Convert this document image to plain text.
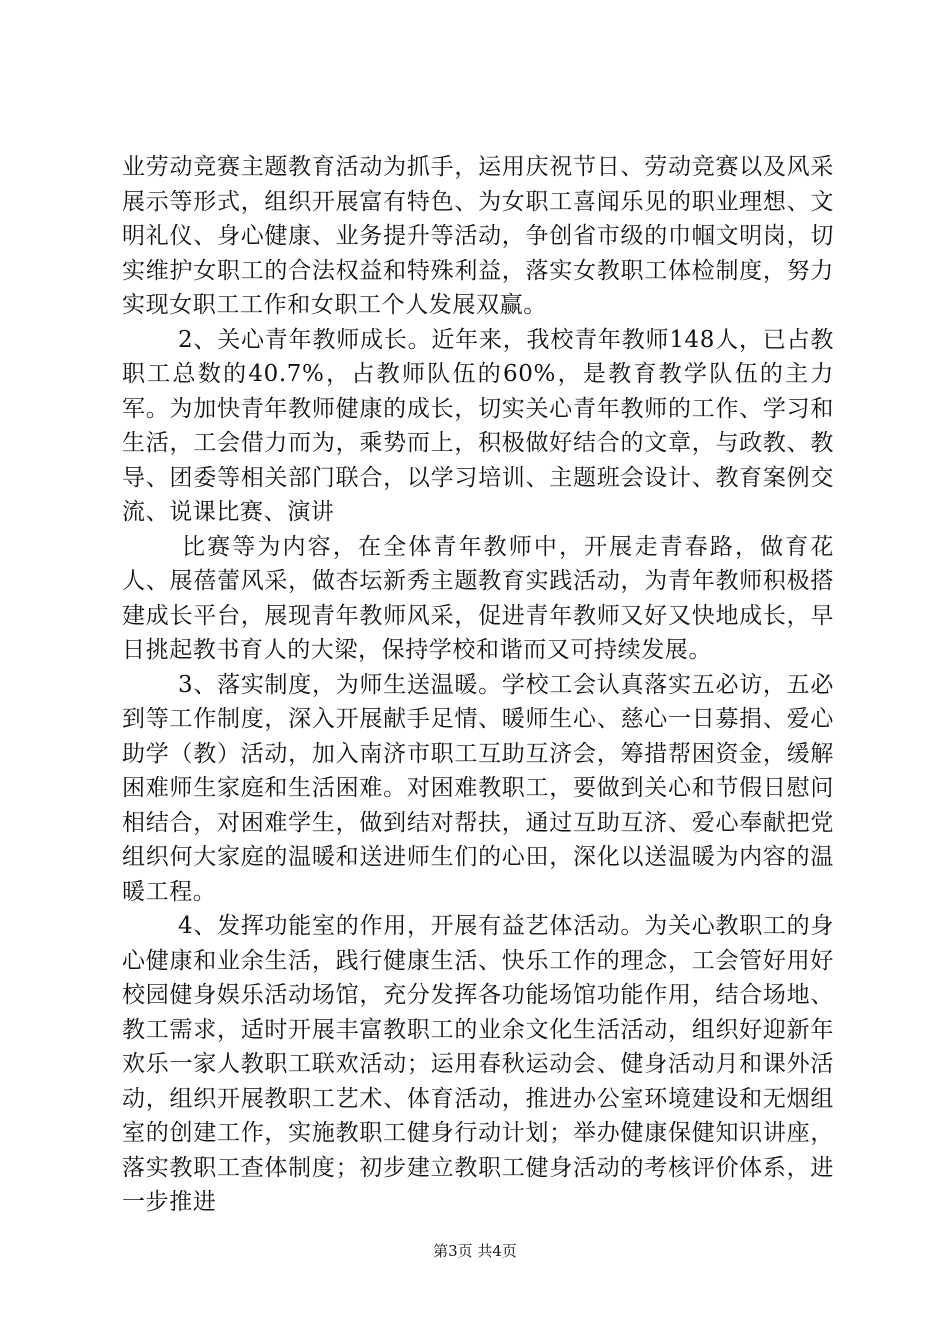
业劳动竞赛主题教育活动为抓手，运用庆祝节日、劳动竞赛以及风采展示等形式，组织开展富有特色、为女职工喜闻乐见的职业理想、文明礼仪、身心健康、业务提升等活动，争创省市级的巾帼文明岗，切实维护女职工的合法权益和特殊利益，落实女教职工体检制度，努力实现女职工工作和女职工个人发展双赢。

2、关心青年教师成长。近年来，我校青年教师148人，已占教职工总数的40.7%，占教师队伍的60%，是教育教学队伍的主力军。为加快青年教师健康的成长，切实关心青年教师的工作、学习和生活，工会借力而为，乘势而上，积极做好结合的文章，与政教、教导、团委等相关部门联合，以学习培训、主题班会设计、教育案例交流、说课比赛、演讲

比赛等为内容，在全体青年教师中，开展走青春路，做育花人、展蓓蕾风采，做杏坛新秀主题教育实践活动，为青年教师积极搭建成长平台，展现青年教师风采，促进青年教师又好又快地成长，早日挑起教书育人的大梁，保持学校和谐而又可持续发展。

3、落实制度，为师生送温暖。学校工会认真落实五必访，五必到等工作制度，深入开展献手足情、暖师生心、慈心一日募捐、爱心助学（教）活动，加入南济市职工互助互济会，筹措帮困资金，缓解困难师生家庭和生活困难。对困难教职工，要做到关心和节假日慰问相结合，对困难学生，做到结对帮扶，通过互助互济、爱心奉献把党组织何大家庭的温暖和送进师生们的心田，深化以送温暖为内容的温暖工程。

4、发挥功能室的作用，开展有益艺体活动。为关心教职工的身心健康和业余生活，践行健康生活、快乐工作的理念，工会管好用好校园健身娱乐活动场馆，充分发挥各功能场馆功能作用，结合场地、教工需求，适时开展丰富教职工的业余文化生活活动，组织好迎新年欢乐一家人教职工联欢活动；运用春秋运动会、健身活动月和课外活动，组织开展教职工艺术、体育活动，推进办公室环境建设和无烟组室的创建工作，实施教职工健身行动计划；举办健康保健知识讲座，落实教职工查体制度；初步建立教职工健身活动的考核评价体系，进一步推进

第3页 共4页
